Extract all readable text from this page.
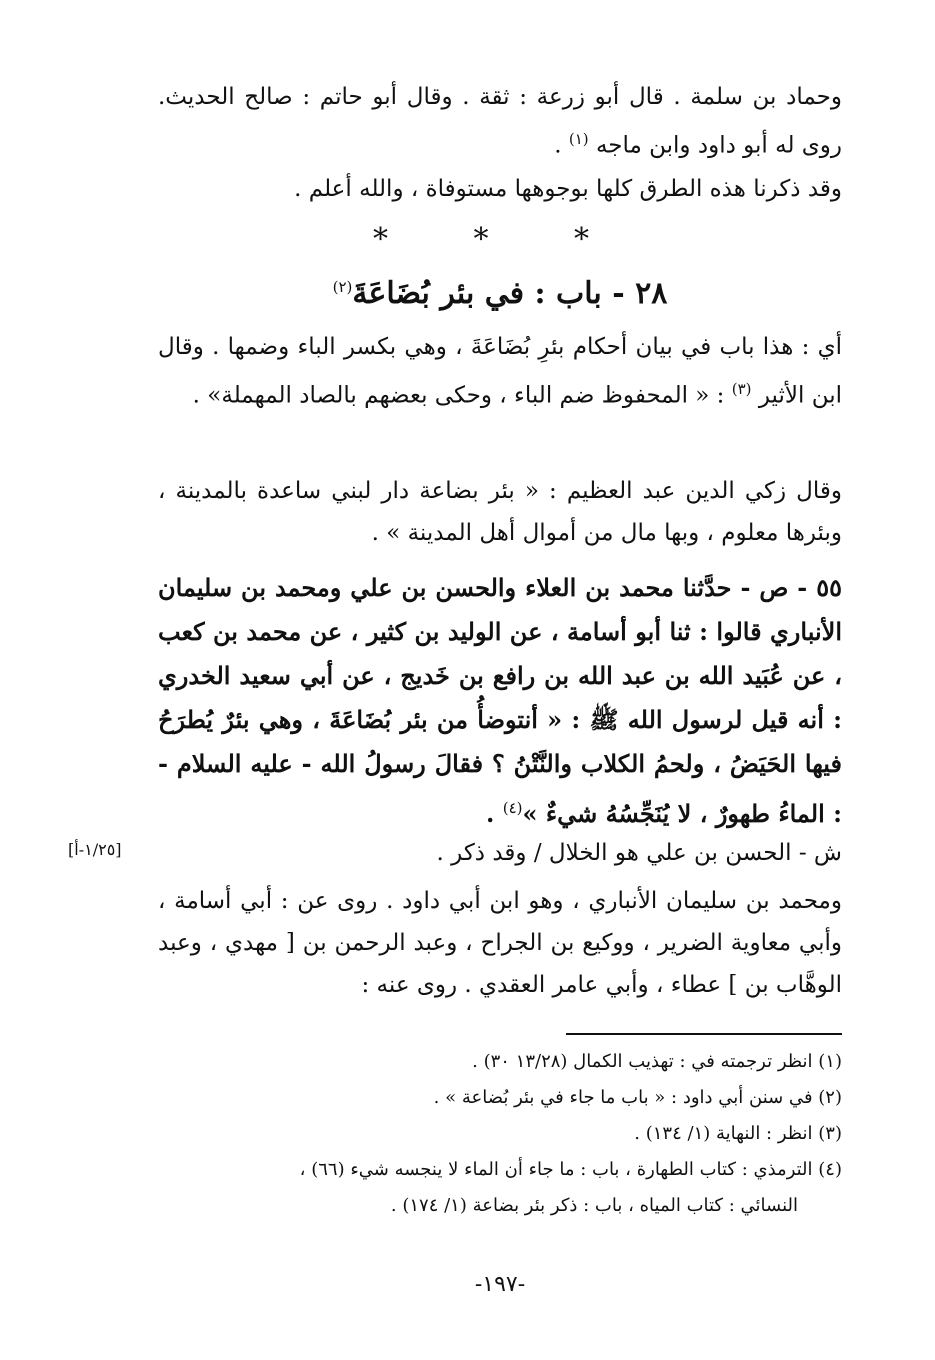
وحماد بن سلمة . قال أبو زرعة : ثقة . وقال أبو حاتم : صالح الحديث. روى له أبو داود وابن ماجه $^{(١)}$ .

وقد ذكرنا هذه الطرق كلها بوجوهها مستوفاة ، والله أعلم .

* * *
٢٨ - باب : في بئر بُضَاعَةَ$^{(٢)}$

أي : هذا باب في بيان أحكام بئرِ بُضَاعَةَ ، وهي بكسر الباء وضمها . وقال ابن الأثير $^{(٣)}$ : « المحفوظ ضم الباء ، وحكى بعضهم بالصاد المهملة» .

وقال زكي الدين عبد العظيم : « بئر بضاعة دار لبني ساعدة بالمدينة ، وبئرها معلوم ، وبها مال من أموال أهل المدينة » .

٥٥ - ص - حدَّثنا محمد بن العلاء والحسن بن علي ومحمد بن سليمان الأنباري قالوا : ثنا أبو أسامة ، عن الوليد بن كثير ، عن محمد بن كعب ، عن عُبَيد الله بن عبد الله بن رافع بن خَديج ، عن أبي سعيد الخدري : أنه قيل لرسول الله ﷺ : « أنتوضأُ من بئر بُضَاعَةَ ، وهي بئرٌ يُطرَحُ فيها الحَيَضُ ، ولحمُ الكلاب والنَّتْنُ ؟ فقالَ رسولُ الله - عليه السلام - : الماءُ طهورٌ ، لا يُنَجِّسُهُ شيءٌ »$^{(٤)}$ .

ش - الحسن بن علي هو الخلال / وقد ذكر .

[١/٢٥-أ]

ومحمد بن سليمان الأنباري ، وهو ابن أبي داود . روى عن : أبي أسامة ، وأبي معاوية الضرير ، ووكيع بن الجراح ، وعبد الرحمن بن [ مهدي ، وعبد الوهَّاب بن ] عطاء ، وأبي عامر العقدي . روى عنه :

(١) انظر ترجمته في : تهذيب الكمال (١٣/٢٨ ٣٠) .

(٢) في سنن أبي داود : « باب ما جاء في بئر بُضاعة » .

(٣) انظر : النهاية (١/ ١٣٤) .

(٤) الترمذي : كتاب الطهارة ، باب : ما جاء أن الماء لا ينجسه شيء (٦٦) ،

النسائي : كتاب المياه ، باب : ذكر بئر بضاعة (١/ ١٧٤) .

-١٩٧-
